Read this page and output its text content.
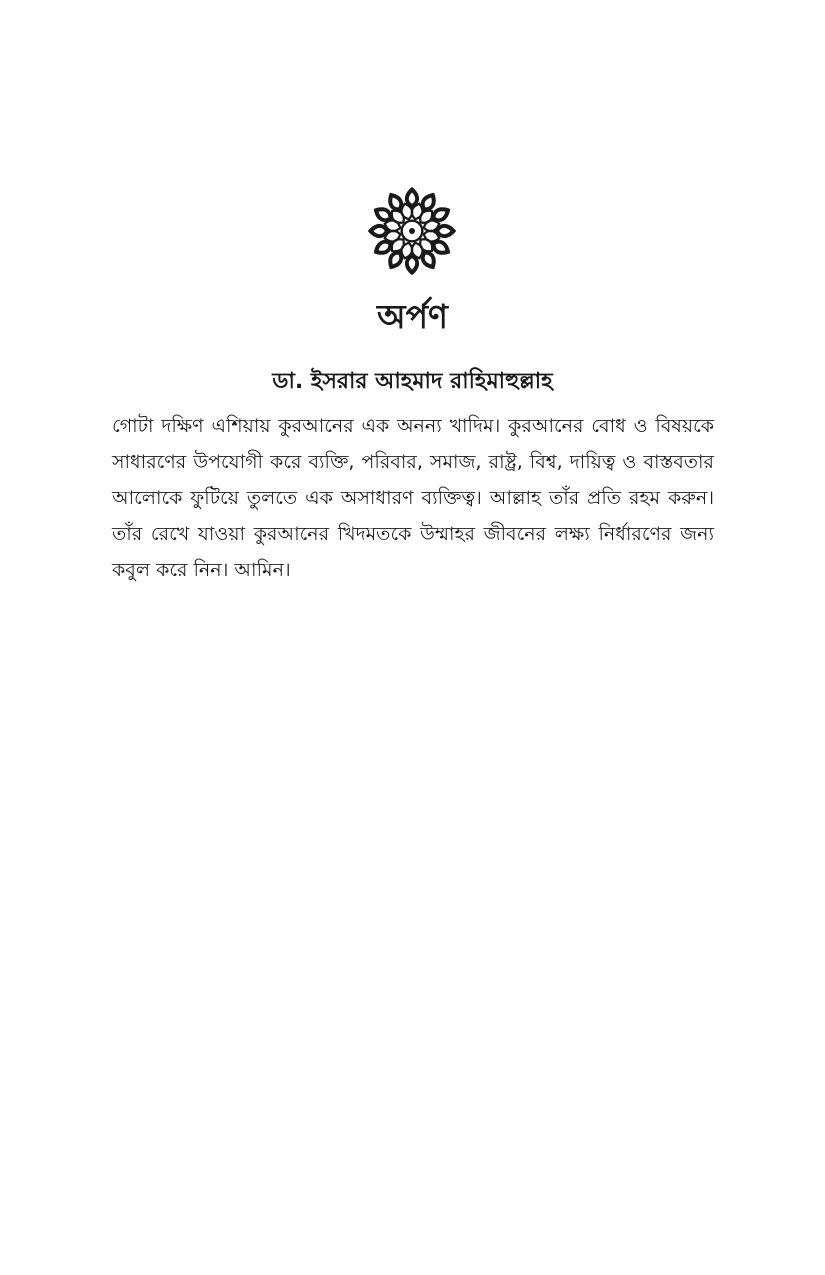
অর্পণ
ডা. ইসরার আহমাদ রাহিমাহুল্লাহ

গোটা দক্ষিণ এশিয়ায় কুরআনের এক অনন্য খাদিম। কুরআনের বোধ ও বিষয়কে সাধারণের উপযোগী করে ব্যক্তি, পরিবার, সমাজ, রাষ্ট্র, বিশ্ব, দায়িত্ব ও বাস্তবতার আলোকে ফুটিয়ে তুলতে এক অসাধারণ ব্যক্তিত্ব। আল্লাহ তাঁর প্রতি রহম করুন। তাঁর রেখে যাওয়া কুরআনের খিদমতকে উম্মাহর জীবনের লক্ষ্য নির্ধারণের জন্য কবুল করে নিন। আমিন।
